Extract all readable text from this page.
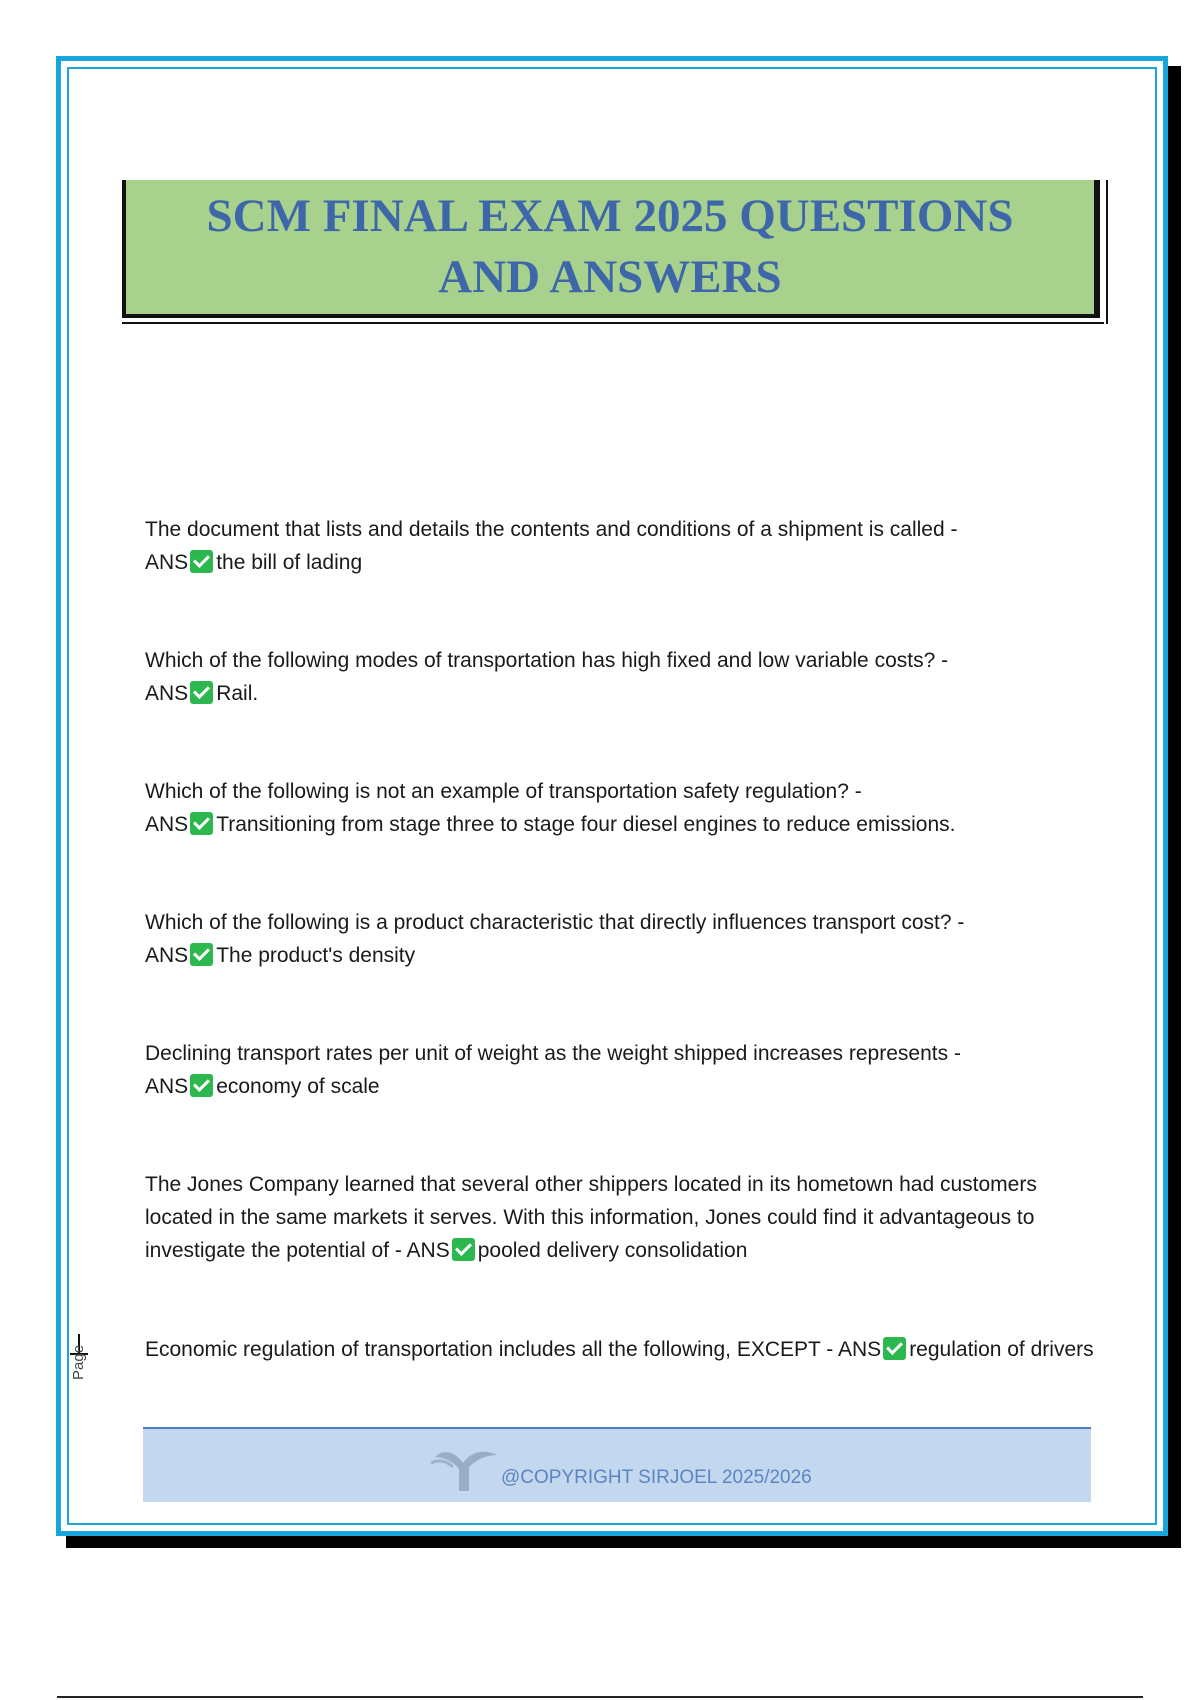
SCM FINAL EXAM 2025 QUESTIONS
AND ANSWERS
The document that lists and details the contents and conditions of a shipment is called -
ANS the bill of lading
Which of the following modes of transportation has high fixed and low variable costs? -
ANS Rail.
Which of the following is not an example of transportation safety regulation? -
ANS Transitioning from stage three to stage four diesel engines to reduce emissions.
Which of the following is a product characteristic that directly influences transport cost? -
ANS The product's density
Declining transport rates per unit of weight as the weight shipped increases represents -
ANS economy of scale
The Jones Company learned that several other shippers located in its hometown had customers located in the same markets it serves. With this information, Jones could find it advantageous to investigate the potential of - ANS pooled delivery consolidation
Economic regulation of transportation includes all the following, EXCEPT - ANS regulation of drivers
Page
@COPYRIGHT SIRJOEL 2025/2026
